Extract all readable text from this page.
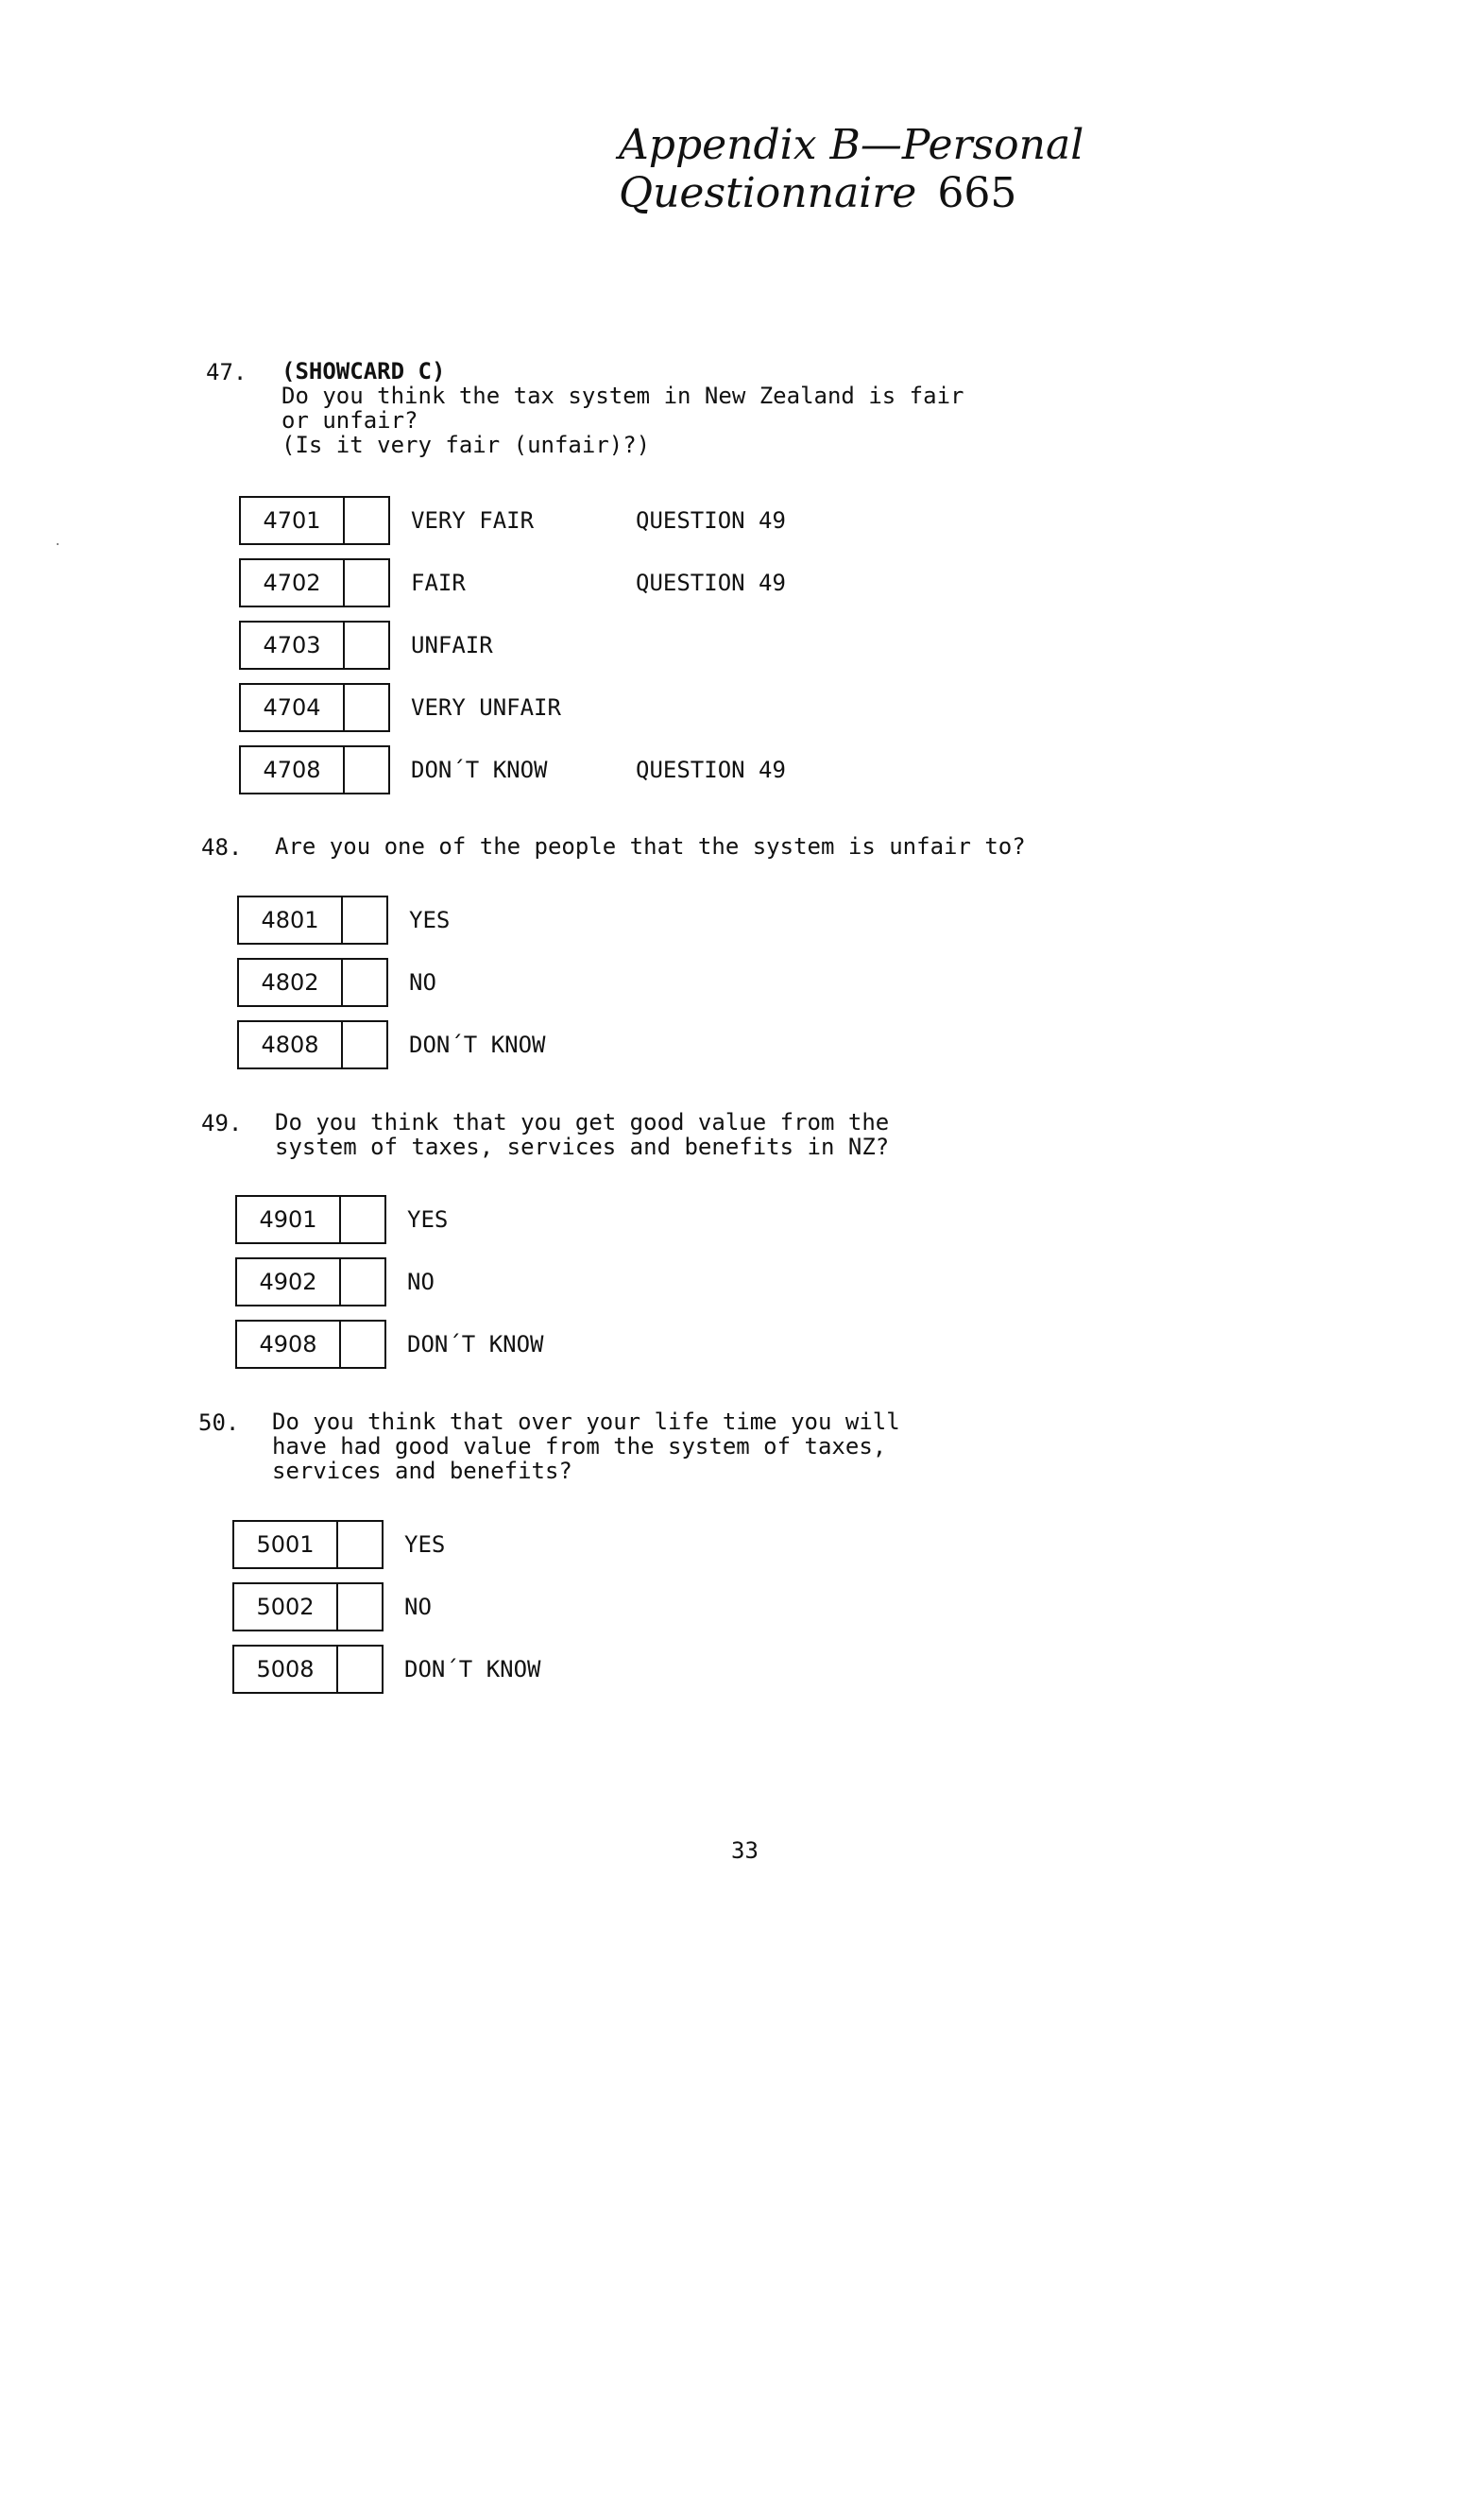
Appendix B—Personal Questionnaire 665
47. (SHOWCARD C)
Do you think the tax system in New Zealand is fair
or unfair?
(Is it very fair (unfair)?)
4701	VERY FAIR	QUESTION 49
4702	FAIR	QUESTION 49
4703	UNFAIR
4704	VERY UNFAIR
4708	DON´T KNOW	QUESTION 49
48. Are you one of the people that the system is unfair to?
4801	YES
4802	NO
4808	DON´T KNOW
49. Do you think that you get good value from the
system of taxes, services and benefits in NZ?
4901	YES
4902	NO
4908	DON´T KNOW
50. Do you think that over your life time you will
have had good value from the system of taxes,
services and benefits?
5001	YES
5002	NO
5008	DON´T KNOW
33
